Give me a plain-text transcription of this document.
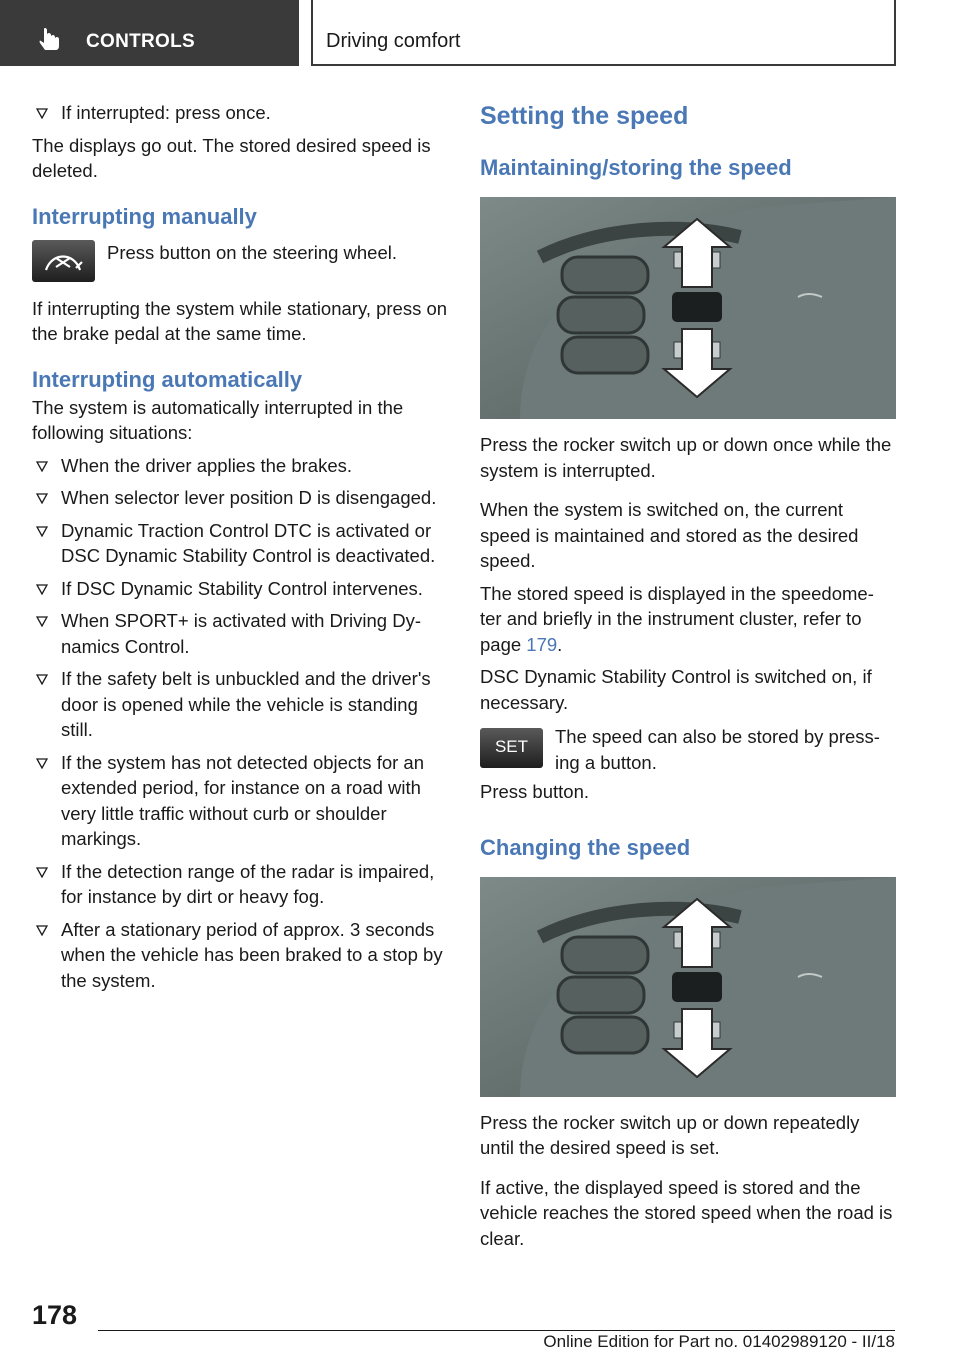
CONTROLS	Driving comfort
If interrupted: press once.

The displays go out. The stored desired speed is deleted.

Interrupting manually
Press button on the steering wheel.

If interrupting the system while stationary, press on the brake pedal at the same time.

Interrupting automatically

The system is automatically interrupted in the following situations:

When the driver applies the brakes.
When selector lever position D is disengaged.
Dynamic Traction Control DTC is activated or DSC Dynamic Stability Control is deactivated.
If DSC Dynamic Stability Control intervenes.
When SPORT+ is activated with Driving Dy‐ namics Control.
If the safety belt is unbuckled and the driver's door is opened while the vehicle is standing still.
If the system has not detected objects for an extended period, for instance on a road with very little traffic without curb or shoulder markings.
If the detection range of the radar is impaired, for instance by dirt or heavy fog.
After a stationary period of approx. 3 seconds when the vehicle has been braked to a stop by the system.
Setting the speed
Maintaining/storing the speed

Press the rocker switch up or down once while the system is interrupted.

When the system is switched on, the current speed is maintained and stored as the desired speed.

The stored speed is displayed in the speedome‐ ter and briefly in the instrument cluster, refer to page 179.

DSC Dynamic Stability Control is switched on, if necessary.

SET	The speed can also be stored by press‐ ing a button.

Press button.

Changing the speed

Press the rocker switch up or down repeatedly until the desired speed is set.

If active, the displayed speed is stored and the vehicle reaches the stored speed when the road is clear.

178
Online Edition for Part no. 01402989120 - II/18
